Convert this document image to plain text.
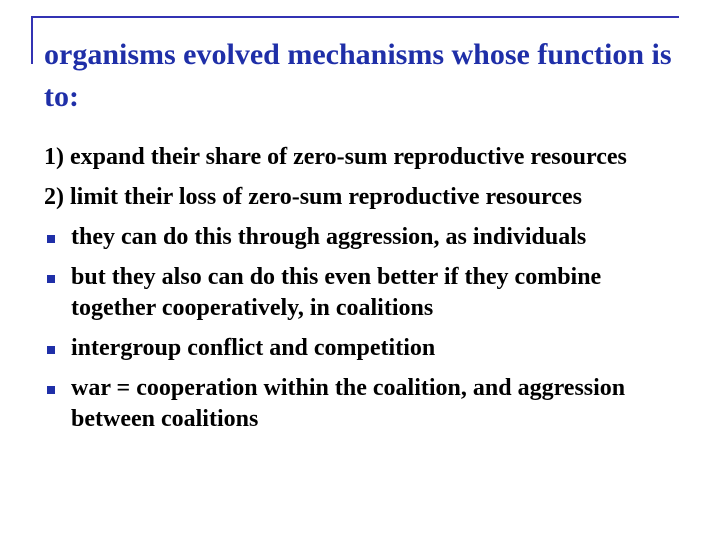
organisms evolved mechanisms whose function is to:
1) expand their share of zero-sum reproductive resources
2) limit their loss of zero-sum reproductive resources
they can do this through aggression, as individuals
but they also can do this even better if they combine together cooperatively, in coalitions
intergroup conflict and competition
war = cooperation within the coalition, and aggression between coalitions
